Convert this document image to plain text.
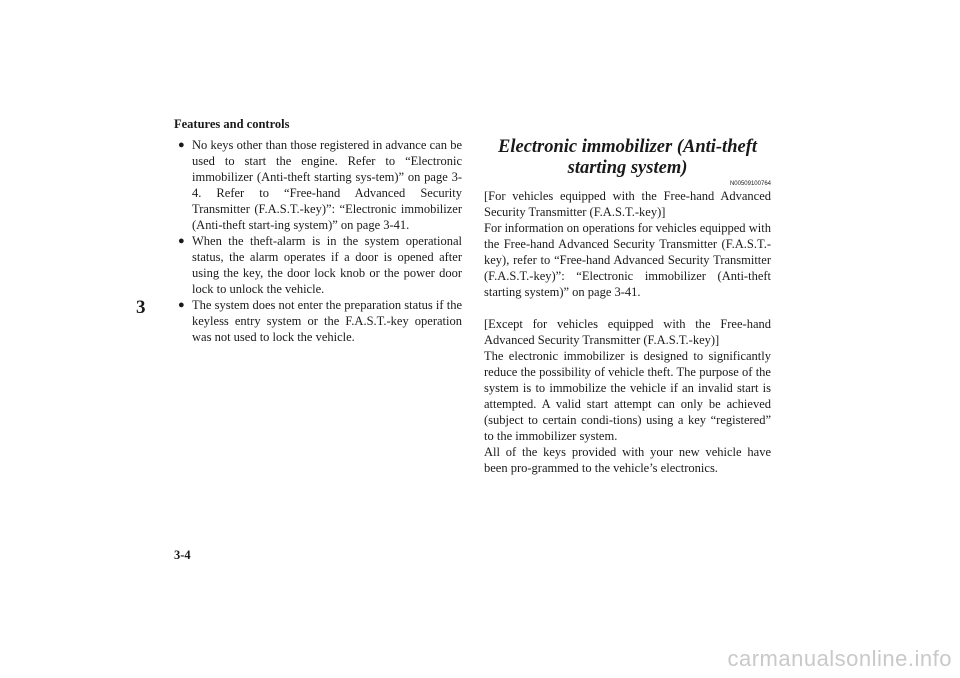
Features and controls
3
● No keys other than those registered in advance can be used to start the engine. Refer to “Electronic immobilizer (Anti-theft starting sys-tem)” on page 3-4. Refer to “Free-hand Advanced Security Transmitter (F.A.S.T.-key)”: “Electronic immobilizer (Anti-theft start-ing system)” on page 3-41.
● When the theft-alarm is in the system operational status, the alarm operates if a door is opened after using the key, the door lock knob or the power door lock to unlock the vehicle.
● The system does not enter the preparation status if the keyless entry system or the F.A.S.T.-key operation was not used to lock the vehicle.
Electronic immobilizer (Anti-theft starting system)
N00509100764
[For vehicles equipped with the Free-hand Advanced Security Transmitter (F.A.S.T.-key)]
For information on operations for vehicles equipped with the Free-hand Advanced Security Transmitter (F.A.S.T.-key), refer to “Free-hand Advanced Security Transmitter (F.A.S.T.-key)”: “Electronic immobilizer (Anti-theft starting system)” on page 3-41.
[Except for vehicles equipped with the Free-hand Advanced Security Transmitter (F.A.S.T.-key)]
The electronic immobilizer is designed to significantly reduce the possibility of vehicle theft. The purpose of the system is to immobilize the vehicle if an invalid start is attempted. A valid start attempt can only be achieved (subject to certain condi-tions) using a key “registered” to the immobilizer system.
All of the keys provided with your new vehicle have been pro-grammed to the vehicle’s electronics.
3-4
carmanualsonline.info
